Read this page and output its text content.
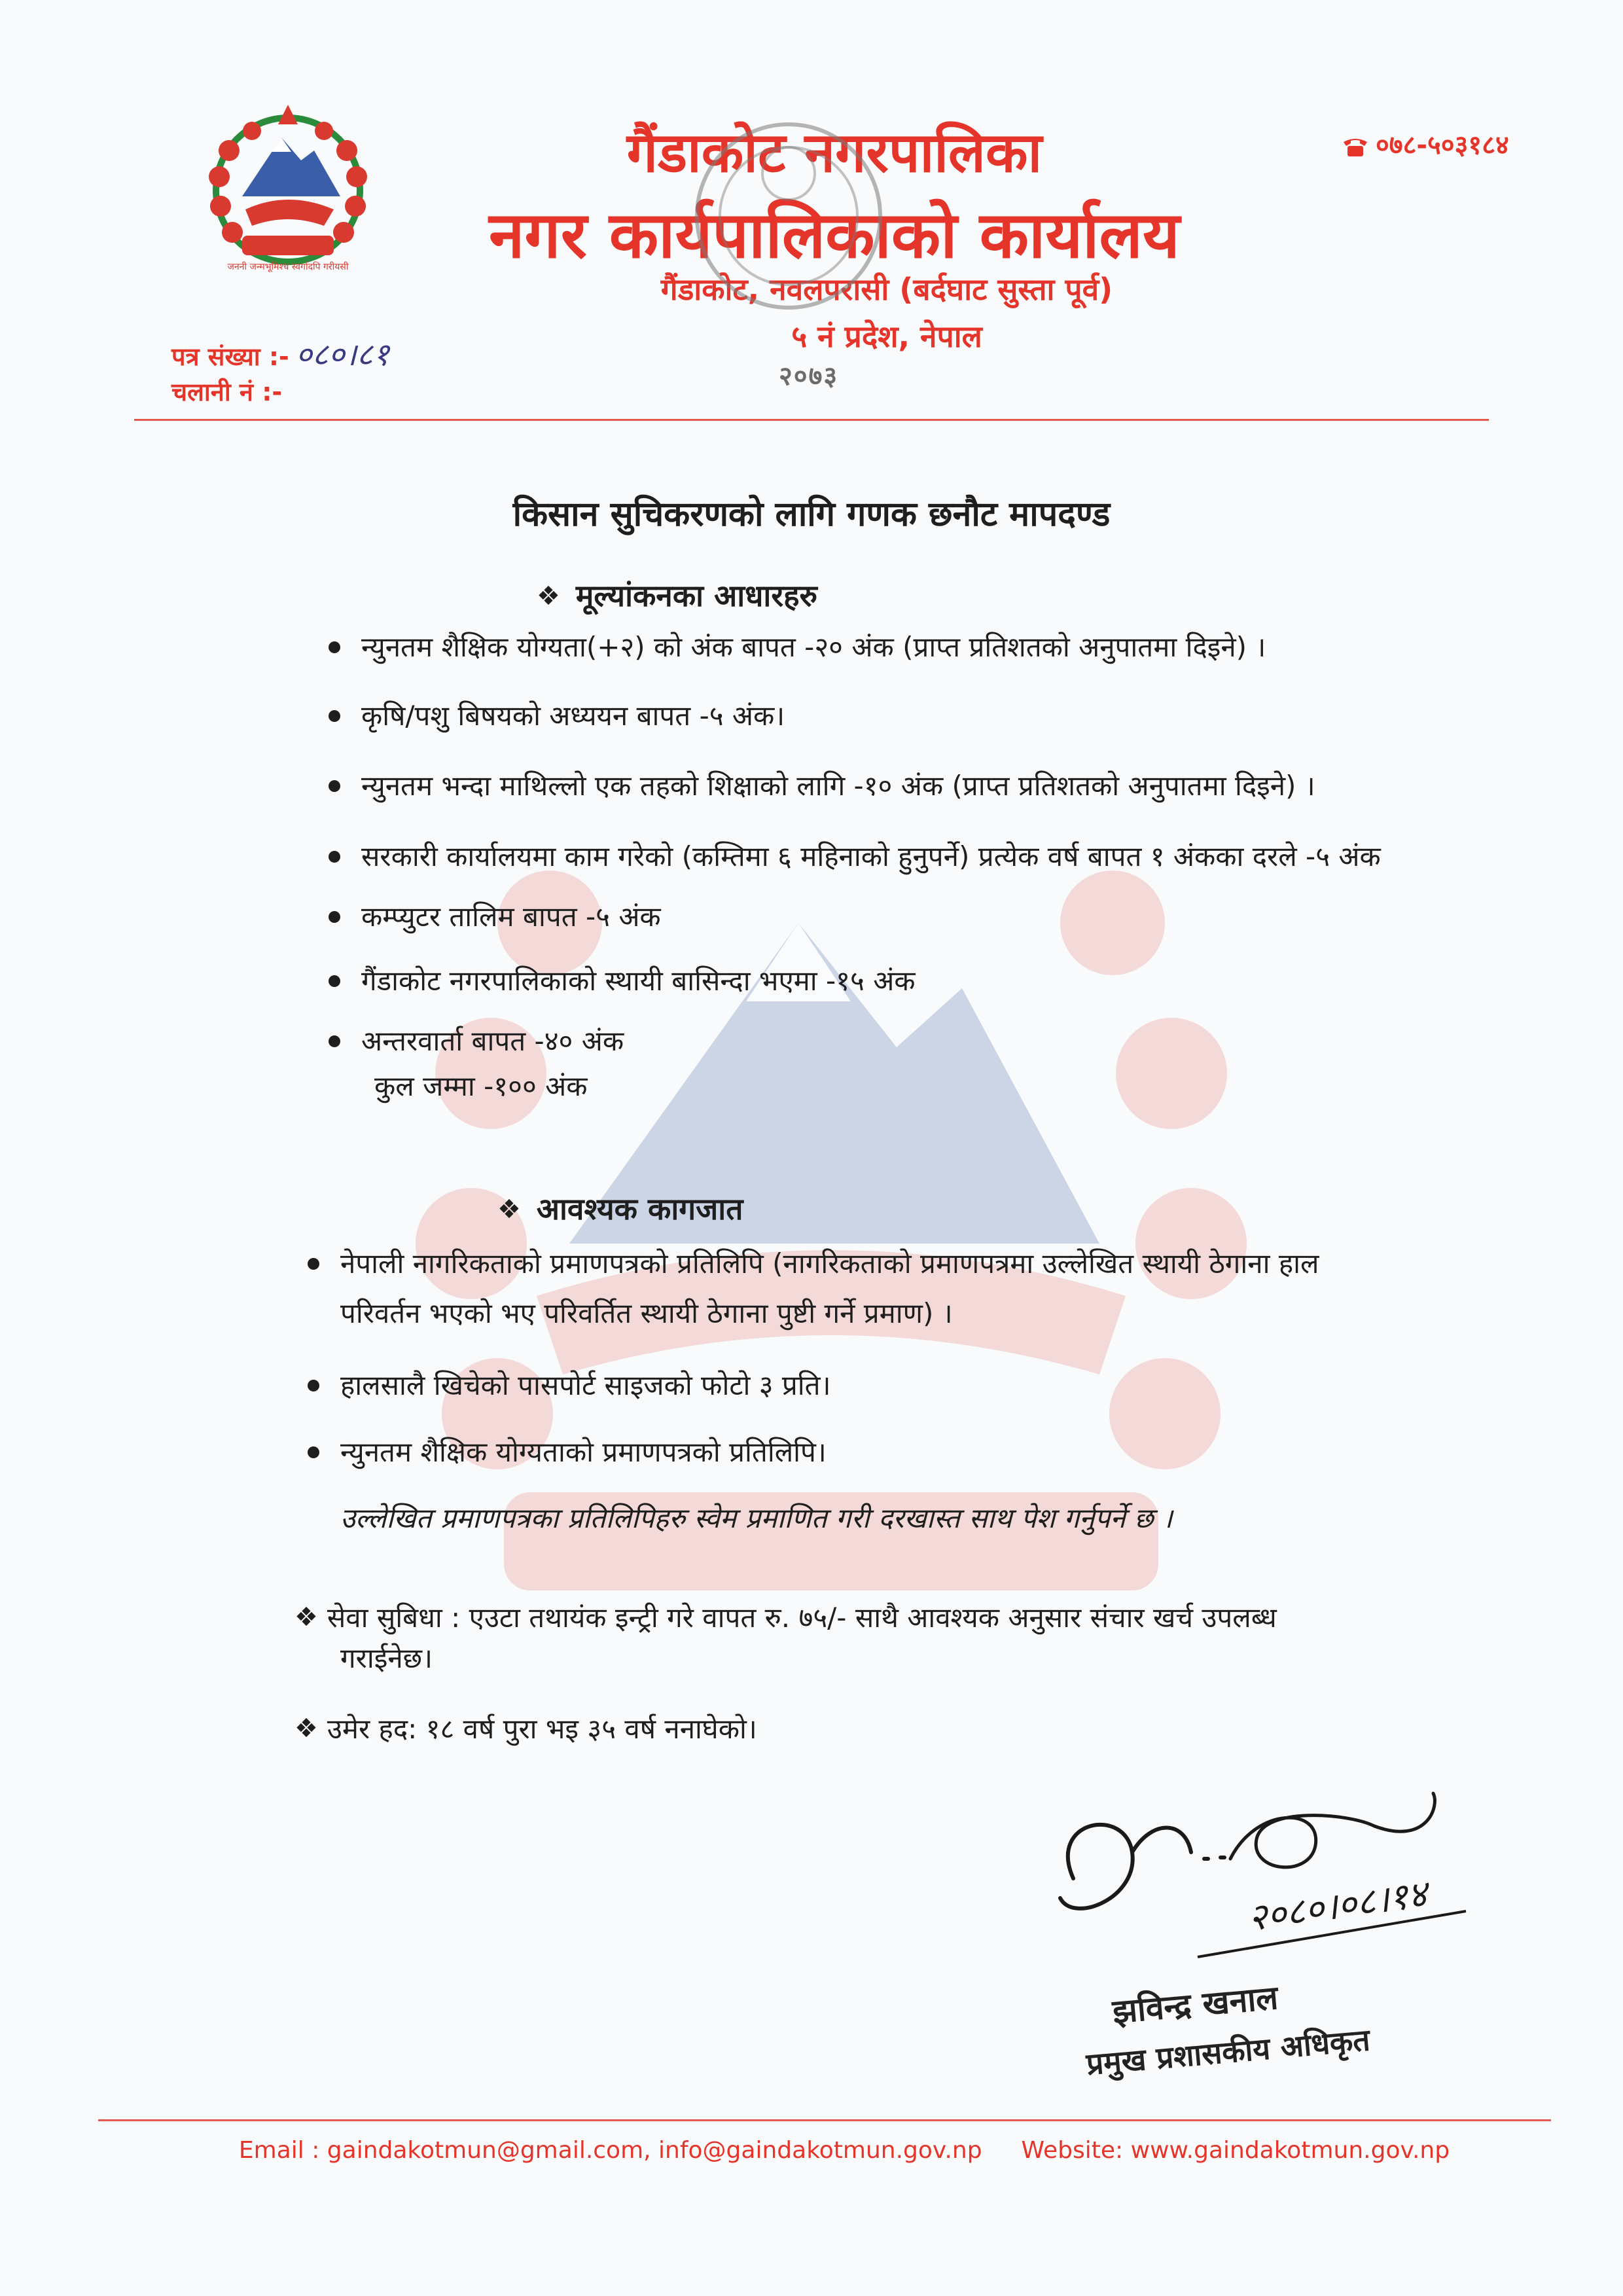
जननी जन्मभूमिश्च स्वर्गादपि गरीयसी
गैंडाकोट नगरपालिका
नगर कार्यपालिकाको कार्यालय
गैंडाकोट, नवलपरासी (बर्दघाट सुस्ता पूर्व)
५ नं प्रदेश, नेपाल
०७८-५०३१८४
२०७३
पत्र संख्या :- ०८०।८१
चलानी नं :-
किसान सुचिकरणको लागि गणक छनौट मापदण्ड
❖ मूल्यांकनका आधारहरु
न्युनतम शैक्षिक योग्यता(+२) को अंक बापत -२० अंक (प्राप्त प्रतिशतको अनुपातमा दिइने) ।
कृषि/पशु बिषयको अध्ययन बापत -५ अंक।
न्युनतम भन्दा माथिल्लो एक तहको शिक्षाको लागि -१० अंक (प्राप्त प्रतिशतको अनुपातमा दिइने) ।
सरकारी कार्यालयमा काम गरेको (कम्तिमा ६ महिनाको हुनुपर्ने) प्रत्येक वर्ष बापत १ अंकका दरले -५ अंक
कम्प्युटर तालिम बापत -५ अंक
गैंडाकोट नगरपालिकाको स्थायी बासिन्दा भएमा -१५ अंक
अन्तरवार्ता बापत -४० अंक
कुल जम्मा -१०० अंक
❖ आवश्यक कागजात
नेपाली नागरिकताको प्रमाणपत्रको प्रतिलिपि (नागरिकताको प्रमाणपत्रमा उल्लेखित स्थायी ठेगाना हाल
परिवर्तन भएको भए परिवर्तित स्थायी ठेगाना पुष्टी गर्ने प्रमाण) ।
हालसालै खिचेको पासपोर्ट साइजको फोटो ३ प्रति।
न्युनतम शैक्षिक योग्यताको प्रमाणपत्रको प्रतिलिपि।
उल्लेखित प्रमाणपत्रका प्रतिलिपिहरु स्वेम प्रमाणित गरी दरखास्त साथ पेश गर्नुपर्ने छ ।
❖ सेवा सुबिधा : एउटा तथायंक इन्ट्री गरे वापत रु. ७५/- साथै आवश्यक अनुसार संचार खर्च उपलब्ध
गराईनेछ।
❖ उमेर हद: १८ वर्ष पुरा भइ ३५ वर्ष ननाघेको।
२०८०।०८।१४
झविन्द्र खनाल
प्रमुख प्रशासकीय अधिकृत
Email : gaindakotmun@gmail.com, info@gaindakotmun.gov.np Website: www.gaindakotmun.gov.np
